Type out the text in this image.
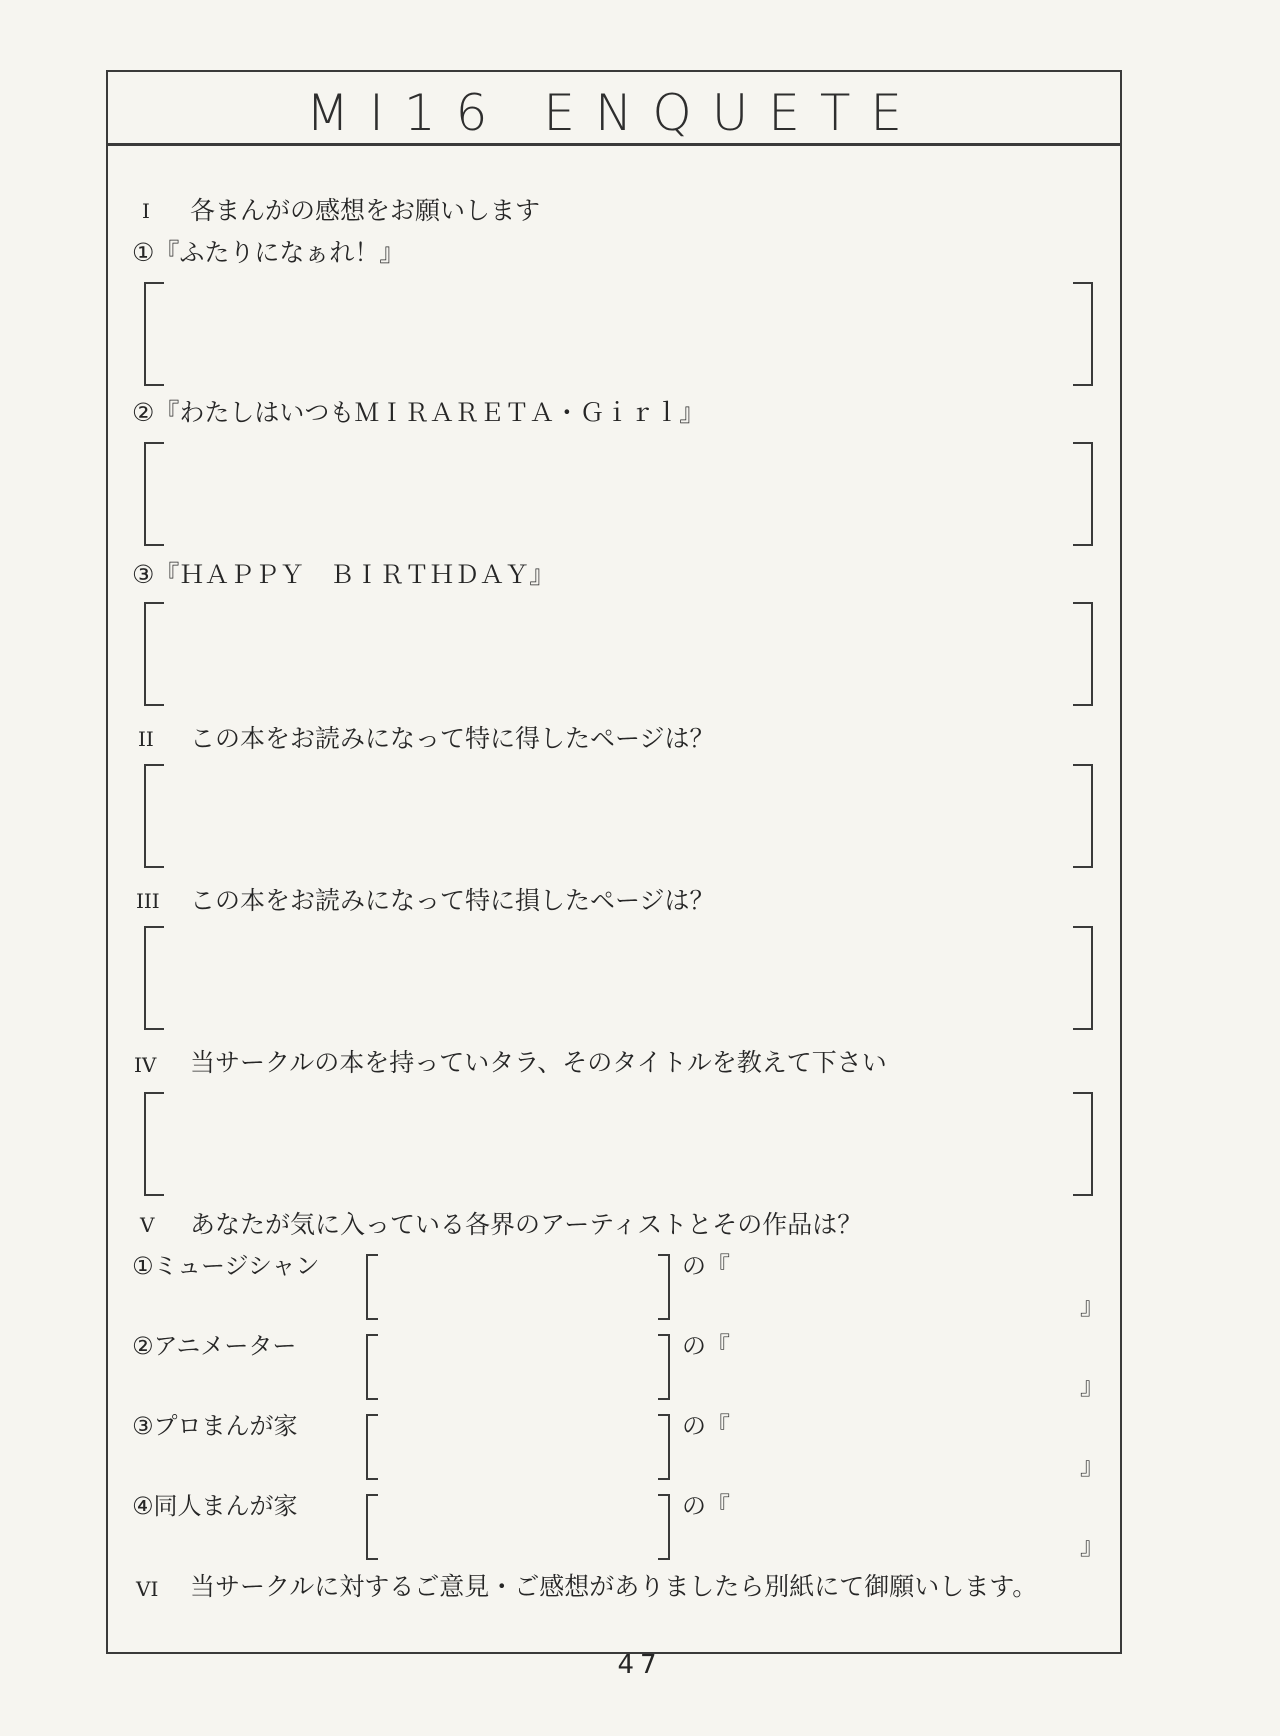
MI16 ENQUETE
I 各まんがの感想をお願いします
①『ふたりになぁれ！』
②『わたしはいつもＭＩＲＡＲＥＴＡ・Ｇｉｒｌ』
③『ＨＡＰＰＹ　ＢＩＲＴＨＤＡＹ』
II この本をお読みになって特に得したページは？
III この本をお読みになって特に損したページは？
IV 当サークルの本を持っていタラ、そのタイトルを教えて下さい
V あなたが気に入っている各界のアーティストとその作品は？
①ミュージシャン	の『
』
②アニメーター	の『
』
③プロまんが家	の『
』
④同人まんが家	の『
』
VI 当サークルに対するご意見・ご感想がありましたら別紙にて御願いします。
47
